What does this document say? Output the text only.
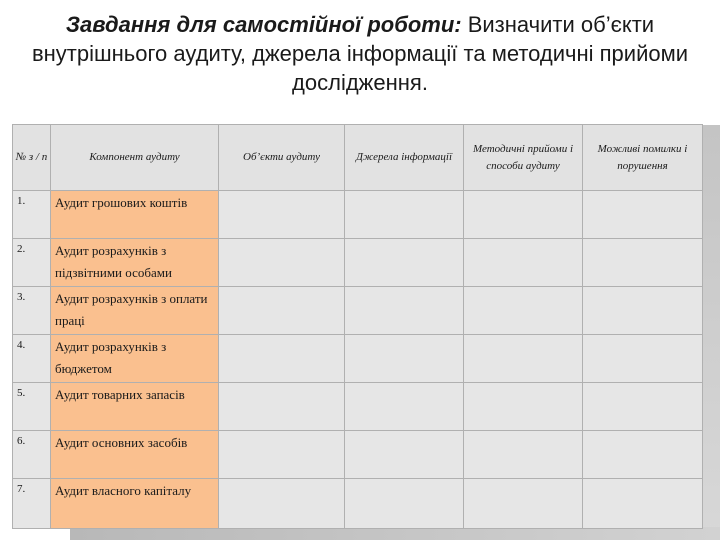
Завдання для самостійної роботи: Визначити об’єкти внутрішнього аудиту, джерела інформації та методичні прийоми дослідження.
№ з / п	Компонент аудиту	Об’єкти аудиту	Джерела інформації	Методичні прийоми і способи аудиту	Можливі помилки і порушення
1.	Аудит грошових коштів				
2.	Аудит розрахунків з підзвітними особами				
3.	Аудит розрахунків з оплати праці				
4.	Аудит розрахунків з бюджетом				
5.	Аудит товарних запасів				
6.	Аудит основних засобів				
7.	Аудит власного капіталу				
